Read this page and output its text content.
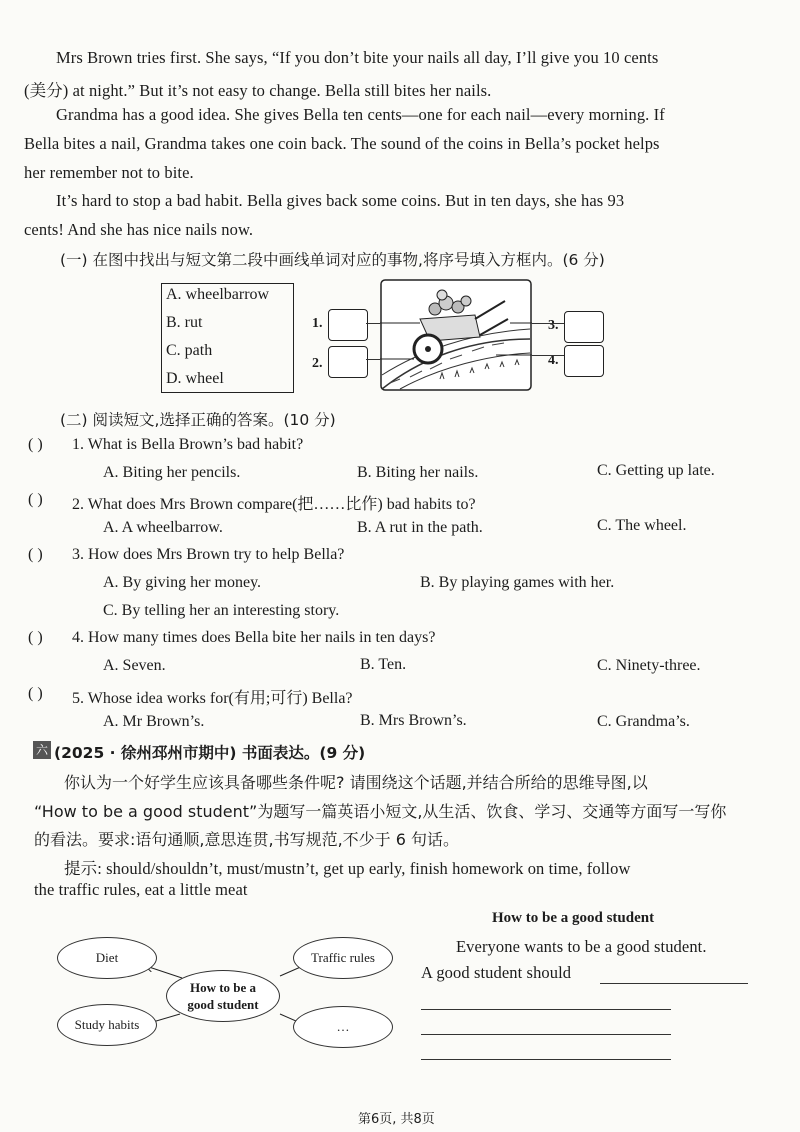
Mrs Brown tries first. She says, “If you don’t bite your nails all day, I’ll give you 10 cents
(美分) at night.” But it’s not easy to change. Bella still bites her nails.
Grandma has a good idea. She gives Bella ten cents—one for each nail—every morning. If
Bella bites a nail, Grandma takes one coin back. The sound of the coins in Bella’s pocket helps
her remember not to bite.
It’s hard to stop a bad habit. Bella gives back some coins. But in ten days, she has 93
cents! And she has nice nails now.
(一) 在图中找出与短文第二段中画线单词对应的事物,将序号填入方框内。(6 分)
A. wheelbarrow
B. rut
C. path
D. wheel
1.
2.
3.
4.
(二) 阅读短文,选择正确的答案。(10 分)
( ) 1. What is Bella Brown’s bad habit?
A. Biting her pencils.	B. Biting her nails.	C. Getting up late.
( ) 2. What does Mrs Brown compare(把……比作) bad habits to?
A. A wheelbarrow.	B. A rut in the path.	C. The wheel.
( ) 3. How does Mrs Brown try to help Bella?
A. By giving her money.	B. By playing games with her.
C. By telling her an interesting story.
( ) 4. How many times does Bella bite her nails in ten days?
A. Seven.	B. Ten.	C. Ninety-three.
( ) 5. Whose idea works for(有用;可行) Bella?
A. Mr Brown’s.	B. Mrs Brown’s.	C. Grandma’s.
六 (2025 · 徐州邳州市期中) 书面表达。(9 分)
你认为一个好学生应该具备哪些条件呢? 请围绕这个话题,并结合所给的思维导图,以
“How to be a good student”为题写一篇英语小短文,从生活、饮食、学习、交通等方面写一写你
的看法。要求:语句通顺,意思连贯,书写规范,不少于 6 句话。
提示: should/shouldn’t, must/mustn’t, get up early, finish homework on time, follow
the traffic rules, eat a little meat
Diet	Traffic rules
How to be a good student
Study habits	…
How to be a good student
Everyone wants to be a good student.
A good student should
第6页, 共8页
